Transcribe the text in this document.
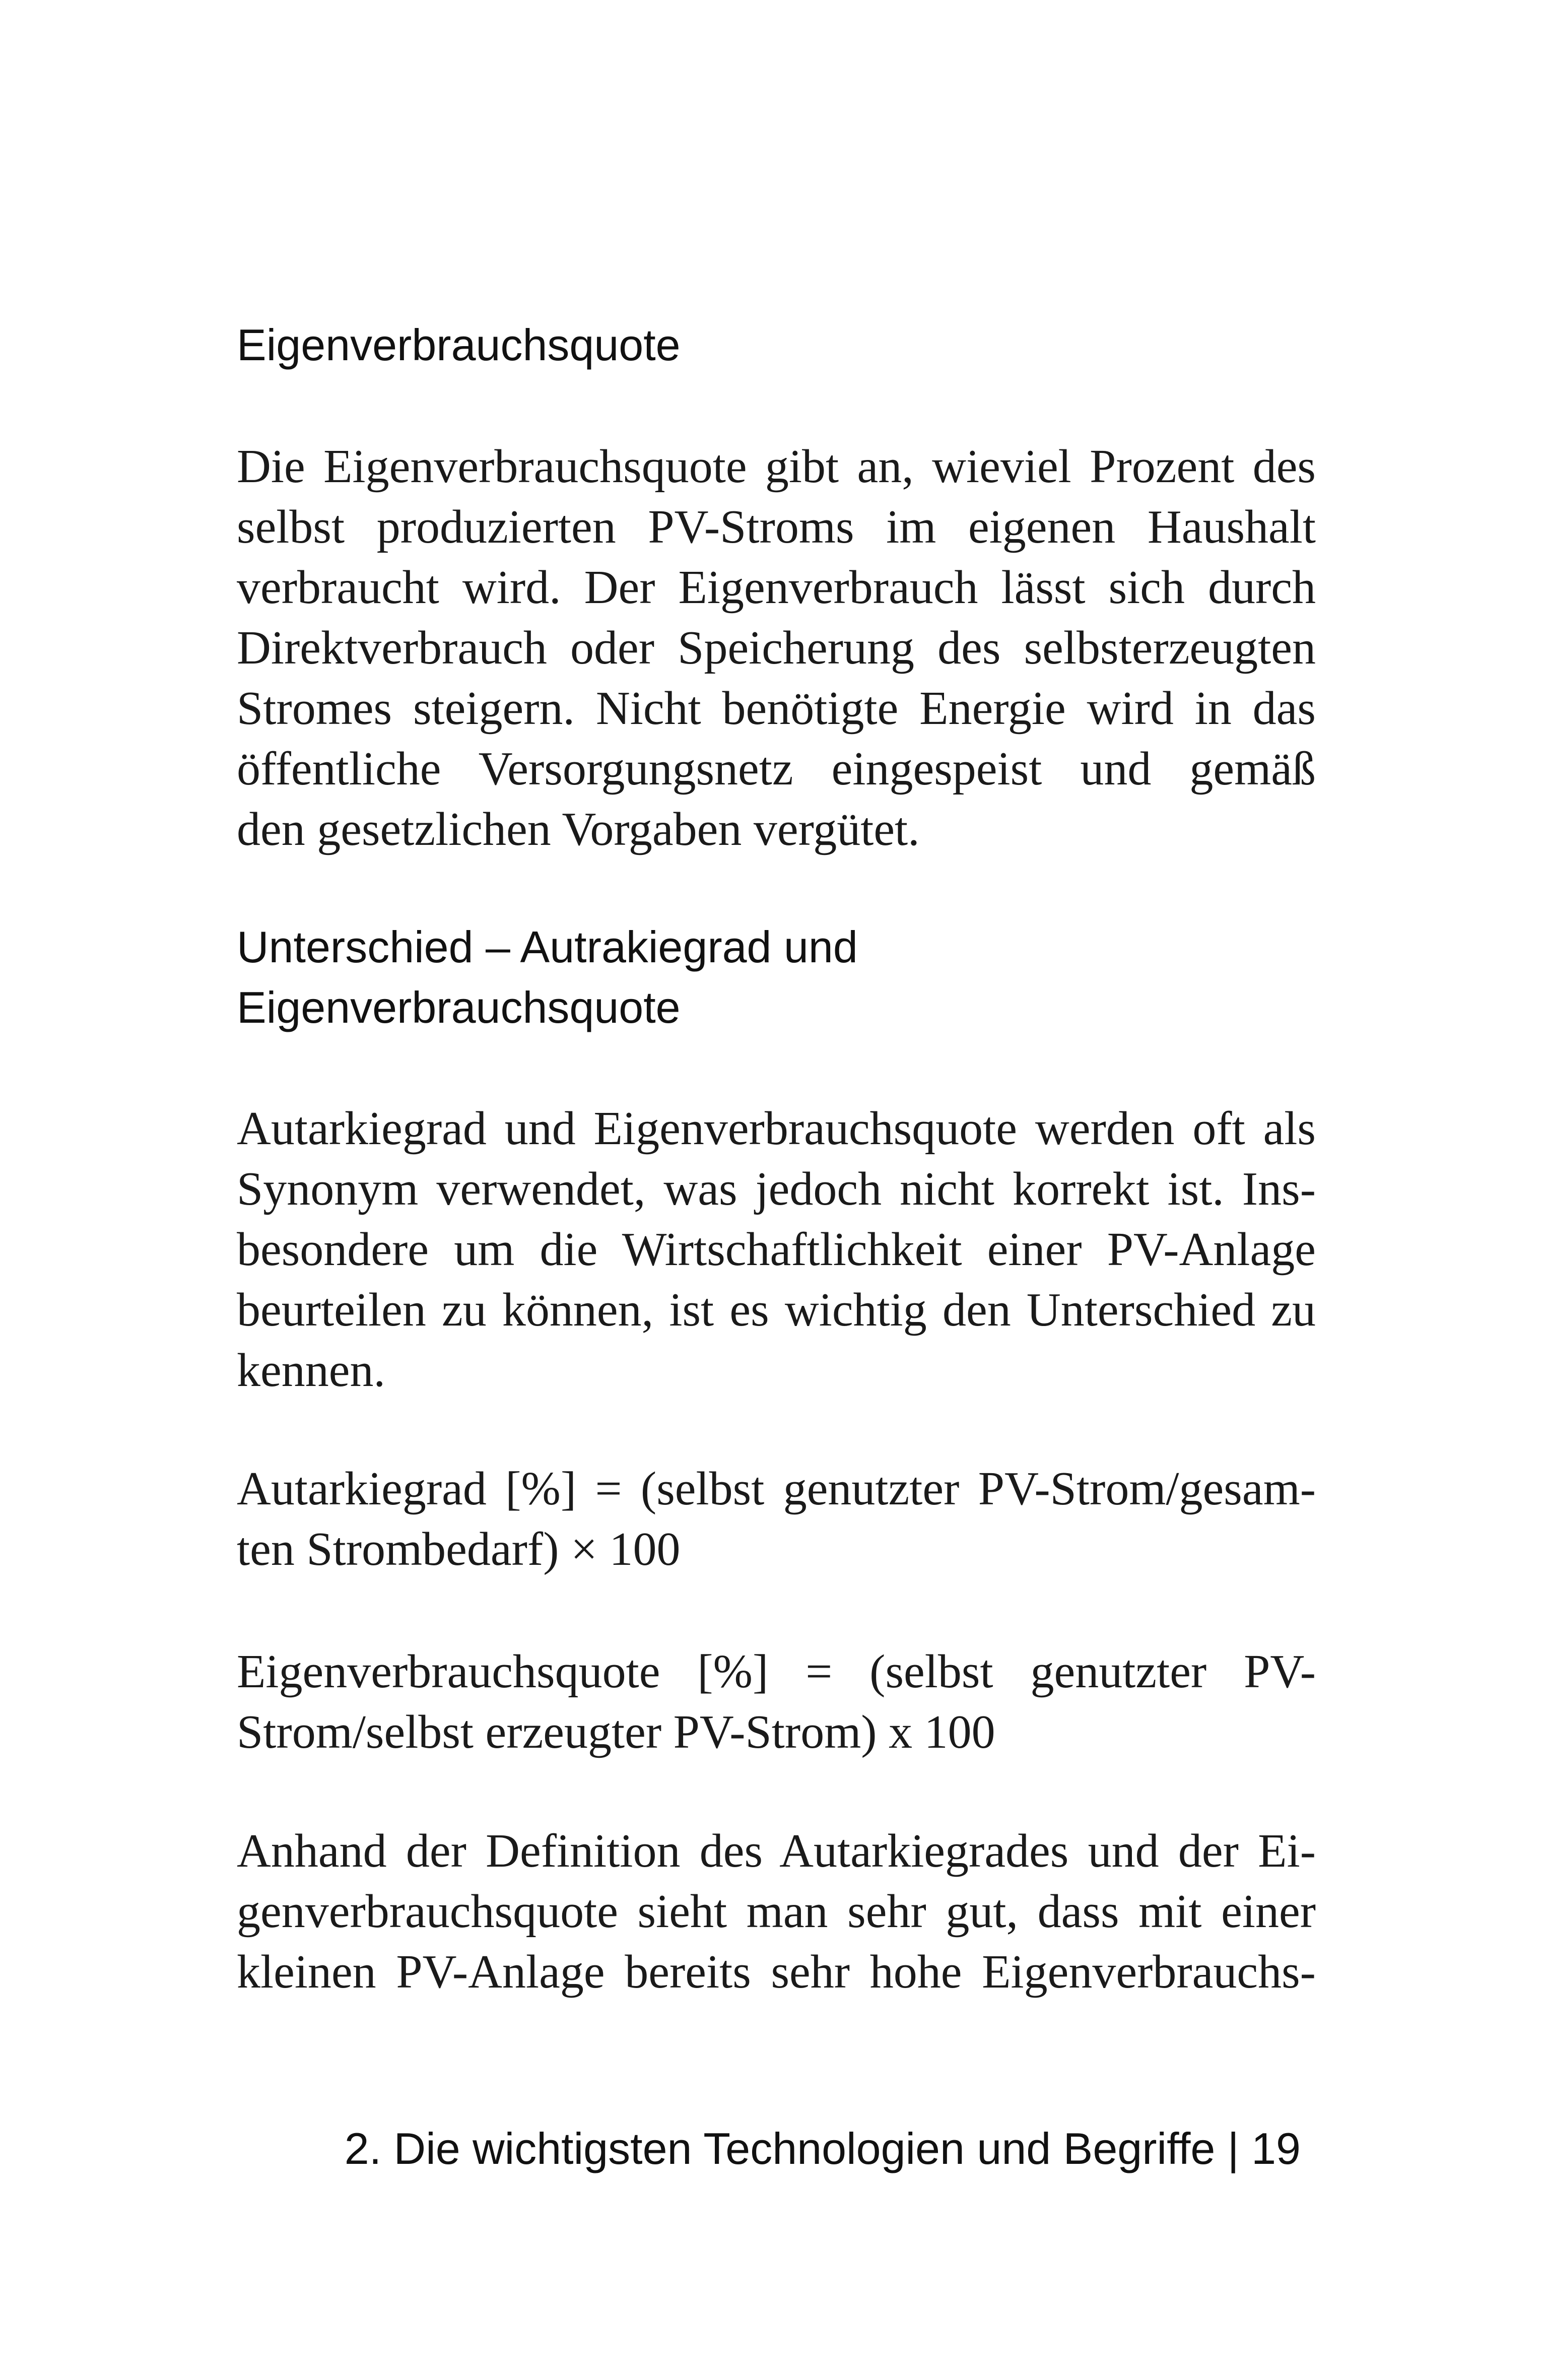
Eigenverbrauchsquote
Die Eigenverbrauchsquote gibt an, wieviel Prozent des
selbst produzierten PV-Stroms im eigenen Haushalt
verbraucht wird. Der Eigenverbrauch lässt sich durch
Direktverbrauch oder Speicherung des selbsterzeugten
Stromes steigern. Nicht benötigte Energie wird in das
öffentliche Versorgungsnetz eingespeist und gemäß
den gesetzlichen Vorgaben vergütet.
Unterschied – Autrakiegrad und
Eigenverbrauchsquote
Autarkiegrad und Eigenverbrauchsquote werden oft als
Synonym verwendet, was jedoch nicht korrekt ist. Ins-
besondere um die Wirtschaftlichkeit einer PV-Anlage
beurteilen zu können, ist es wichtig den Unterschied zu
kennen.
Autarkiegrad [%] = (selbst genutzter PV-Strom/gesam-
ten Strombedarf) × 100
Eigenverbrauchsquote [%] = (selbst genutzter PV-
Strom/selbst erzeugter PV-Strom) x 100
Anhand der Definition des Autarkiegrades und der Ei-
genverbrauchsquote sieht man sehr gut, dass mit einer
kleinen PV-Anlage bereits sehr hohe Eigenverbrauchs-
2. Die wichtigsten Technologien und Begriffe | 19
